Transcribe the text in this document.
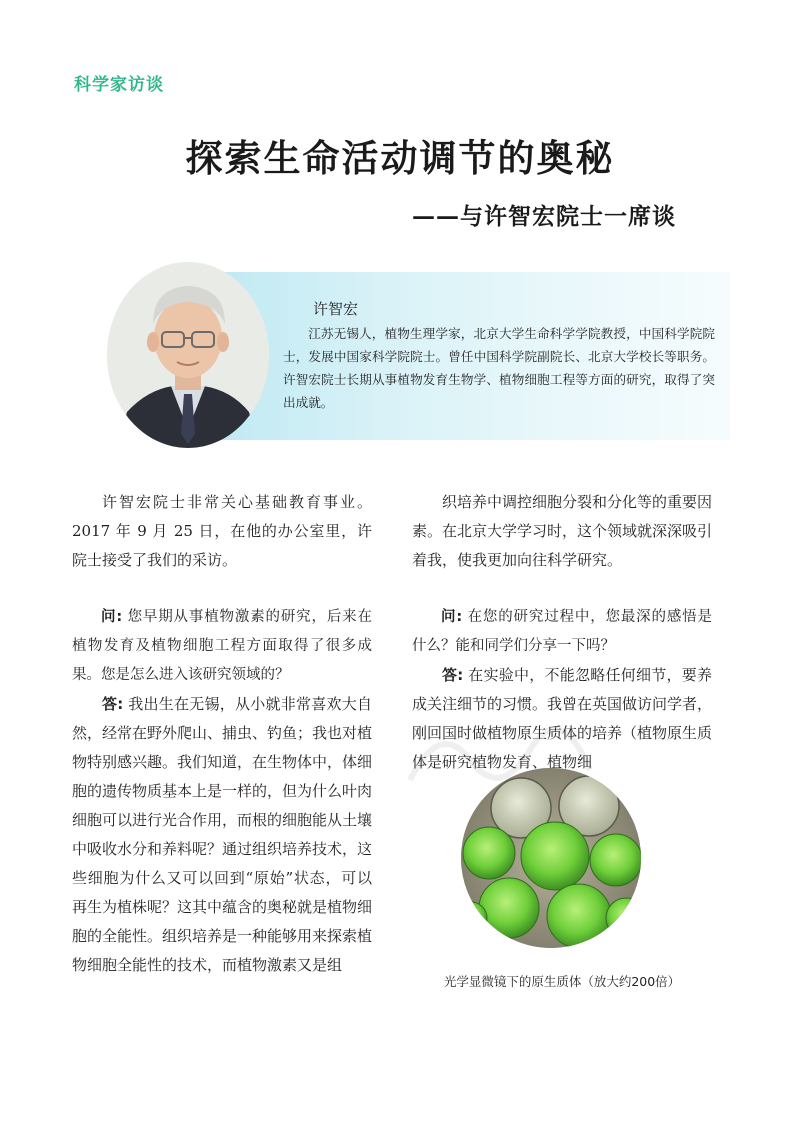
科学家访谈
探索生命活动调节的奥秘
——与许智宏院士一席谈
许智宏
江苏无锡人，植物生理学家，北京大学生命科学学院教授，中国科学院院士，发展中国家科学院院士。曾任中国科学院副院长、北京大学校长等职务。许智宏院士长期从事植物发育生物学、植物细胞工程等方面的研究，取得了突出成就。

许智宏院士非常关心基础教育事业。2017 年 9 月 25 日，在他的办公室里，许院士接受了我们的采访。

问: 您早期从事植物激素的研究，后来在植物发育及植物细胞工程方面取得了很多成果。您是怎么进入该研究领域的？

答: 我出生在无锡，从小就非常喜欢大自然，经常在野外爬山、捕虫、钓鱼；我也对植物特别感兴趣。我们知道，在生物体中，体细胞的遗传物质基本上是一样的，但为什么叶肉细胞可以进行光合作用，而根的细胞能从土壤中吸收水分和养料呢？通过组织培养技术，这些细胞为什么又可以回到“原始”状态，可以再生为植株呢？这其中蕴含的奥秘就是植物细胞的全能性。组织培养是一种能够用来探索植物细胞全能性的技术，而植物激素又是组

织培养中调控细胞分裂和分化等的重要因素。在北京大学学习时，这个领域就深深吸引着我，使我更加向往科学研究。

问: 在您的研究过程中，您最深的感悟是什么？能和同学们分享一下吗？

答: 在实验中，不能忽略任何细节，要养成关注细节的习惯。我曾在英国做访问学者，刚回国时做植物原生质体的培养（植物原生质体是研究植物发育、植物细

光学显微镜下的原生质体（放大约200倍）
